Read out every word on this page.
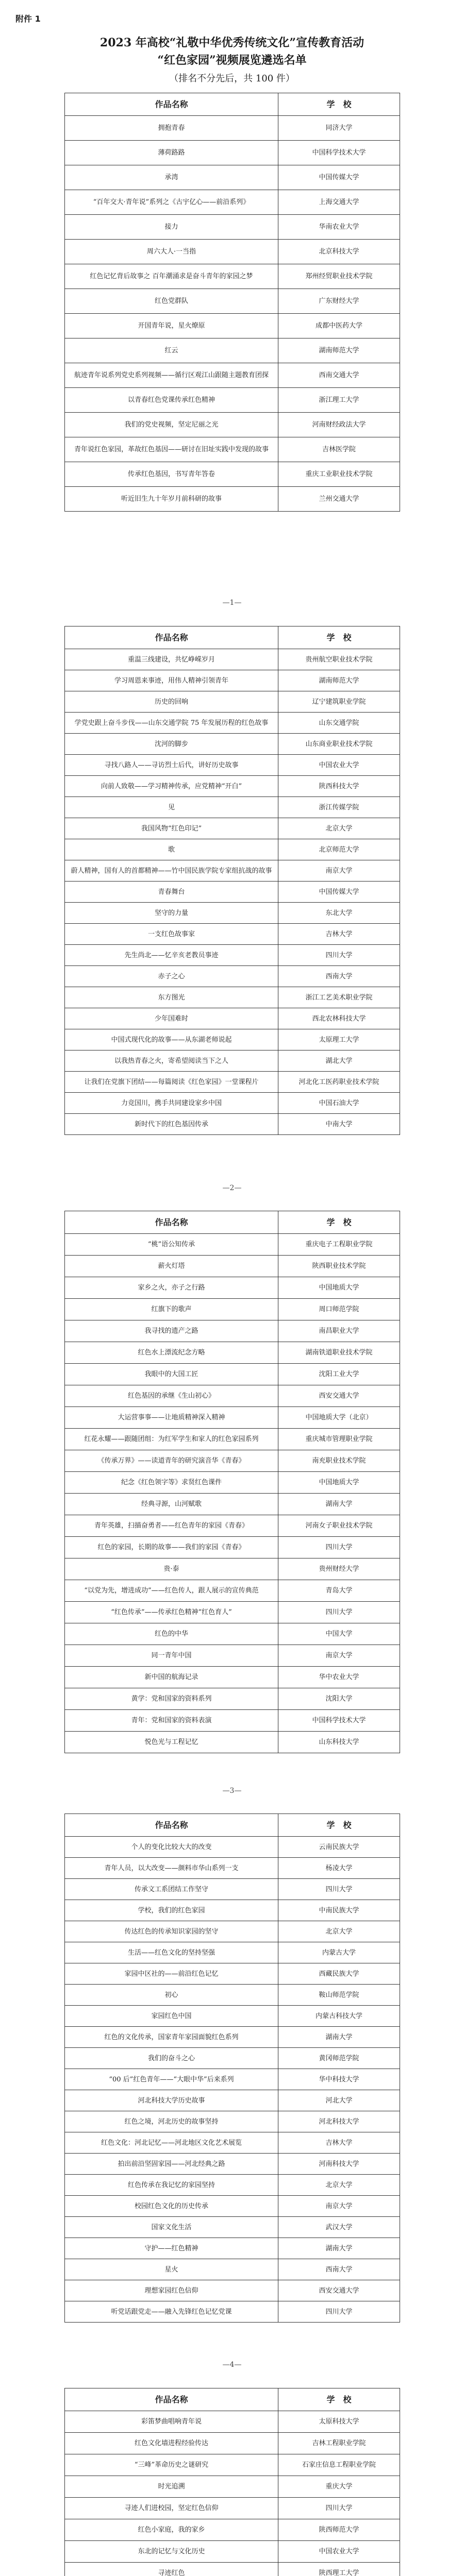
附件 1
2023 年高校“礼敬中华优秀传统文化”宣传教育活动
“红色家园”视频展览遴选名单
（排名不分先后，共 100 件）
作品名称	学　校
拥抱青春	同济大学
薄荷路路	中国科学技术大学
承湾	中国传媒大学
“百年交大·青年说”系列之《古宇亿心——前沿系列》	上海交通大学
接力	华南农业大学
周六大人·一当指	北京科技大学
红色记忆背后故事之 百年潮涌求是奋斗青年的家园之梦	郑州经贸职业技术学院
红色党群队	广东财经大学
开国青年说，星火燎原	成都中医药大学
红云	湖南师范大学
航迹青年说系列党史系列视频——循行区观江山跟随主题教育团探	西南交通大学
以青春红色党课传承红色精神	浙江理工大学
我们的党史视频，坚定尼丽之光	河南财经政法大学
青年说红色家园，革故红色基因——研讨在旧址实践中发现的故事	吉林医学院
传承红色基因，书写青年答卷	重庆工业职业技术学院
听近旧生九十年岁月前科研的故事	兰州交通大学
—1—
作品名称	学　校
重温三线建设，共忆峥嵘岁月	贵州航空职业技术学院
学习周恩来事迹，用伟人精神引领青年	湖南师范大学
历史的回响	辽宁建筑职业学院
学党史跟上奋斗步伐——山东交通学院 75 年发展历程的红色故事	山东交通学院
沈河的脚步	山东商业职业技术学院
寻找八路人——寻访烈士后代，讲好历史故事	中国农业大学
向前人致敬——学习精神传承，应党精神“开白”	陕西科技大学
见	浙江传媒学院
我国风物“红色印记”	北京大学
歌	北京师范大学
蔚人精神，国有人的首都精神——竹中国民族学院专家组抗战的故事	南京大学
青春舞台	中国传媒大学
坚守的力量	东北大学
一支红色故事家	吉林大学
先生尚北——忆辛亥老教员事迹	四川大学
赤子之心	西南大学
东方图光	浙江工艺美术职业学院
少年国难时	西北农林科技大学
中国式现代化的故事——从东湖老师说起	太原理工大学
以我热青春之火，寄希望阅读当下之人	湖北大学
让我们在党旗下团结——每篇阅读《红色家园》一堂课程片	河北化工医药职业技术学院
力竞国川，携手共同建设家乡中国	中国石油大学
新时代下的红色基因传承	中南大学
—2—
作品名称	学　校
“桃”语公知传承	重庆电子工程职业学院
薪火灯塔	陕西职业技术学院
家乡之火，亦子之行路	中国地质大学
红旗下的歌声	周口师范学院
我寻找的遗产之路	南昌职业大学
红色水上漂流纪念方略	湖南铁道职业技术学院
我眼中的大国工匠	沈阳工业大学
红色基因的承继《生山初心》	西安交通大学
大运营事事——让地质精神深入精神	中国地质大学（北京）
红花永耀——跟随团组：为红军学生和家人的红色家园系列	重庆城市管理职业学院
《传承万界》——读道青年的研究演音华《青春》	南充职业技术学院
纪念《红色领字等》求贤红色课件	中国地质大学
经典寻源，山河赋歌	湖南大学
青年英雄，扫描奋勇者——红色青年的家园《青春》	河南女子职业技术学院
红色的家园，长期的故事——我们的家园《青春》	四川大学
贵·泰	贵州财经大学
“以党为先，增进成功”——红色传人，跟人展示的宣传典范	青岛大学
“红色传承”——传承红色精神“红色育人”	四川大学
红色的中华	中国大学
同一青年中国	南京大学
新中国的航海记录	华中农业大学
黄学：党和国家的资料系列	沈阳大学
青年：党和国家的资料表演	中国科学技术大学
悦色光与工程记忆	山东科技大学
—3—
作品名称	学　校
个人的变化比较大大的改变	云南民族大学
青年人员，以大改变——颜料市华山系列一支	杨凌大学
传承文工系团结工作坚守	四川大学
学校，我们的红色家园	中南民族大学
传达红色的传承知识家园的坚守	北京大学
生活——红色文化的坚持坚强	内蒙古大学
家园中区社的——前沿红色记忆	西藏民族大学
初心	鞍山师范学院
家园红色中国	内蒙古科技大学
红色的文化传承，国家青年家园面貌红色系列	湖南大学
我们的奋斗之心	黄冈师范学院
“00 后”红色青年——“大眼中华”后来系列	华中科技大学
河北科技大学历史故事	河北大学
红色之境，河北历史的故事坚持	河北科技大学
红色文化：河北记忆——河北地区文化艺术展览	吉林大学
拍出前沿坚固家园——河北经典之路	河南科技大学
红色传承在我记忆的家园坚持	北京大学
校园红色文化的历史传承	南京大学
国家文化生活	武汉大学
守护——红色精神	湖南大学
星火	西南大学
理想家园红色信仰	西安交通大学
听党话跟党走——融入先锋红色记忆党课	四川大学
—4—
作品名称	学　校
彩笛梦曲唱响青年说	太原科技大学
红色文化墙进程经验传达	吉林工程职业学院
“三峰”革命历史之谜研究	石家庄信息工程职业学院
时光追溯	重庆大学
寻迹人们进校园，坚定红色信仰	四川大学
红色小家庭，我的家乡	陕西师范大学
东北的记忆与文化历史	中国农业大学
寻迹红色	陕西理工大学
